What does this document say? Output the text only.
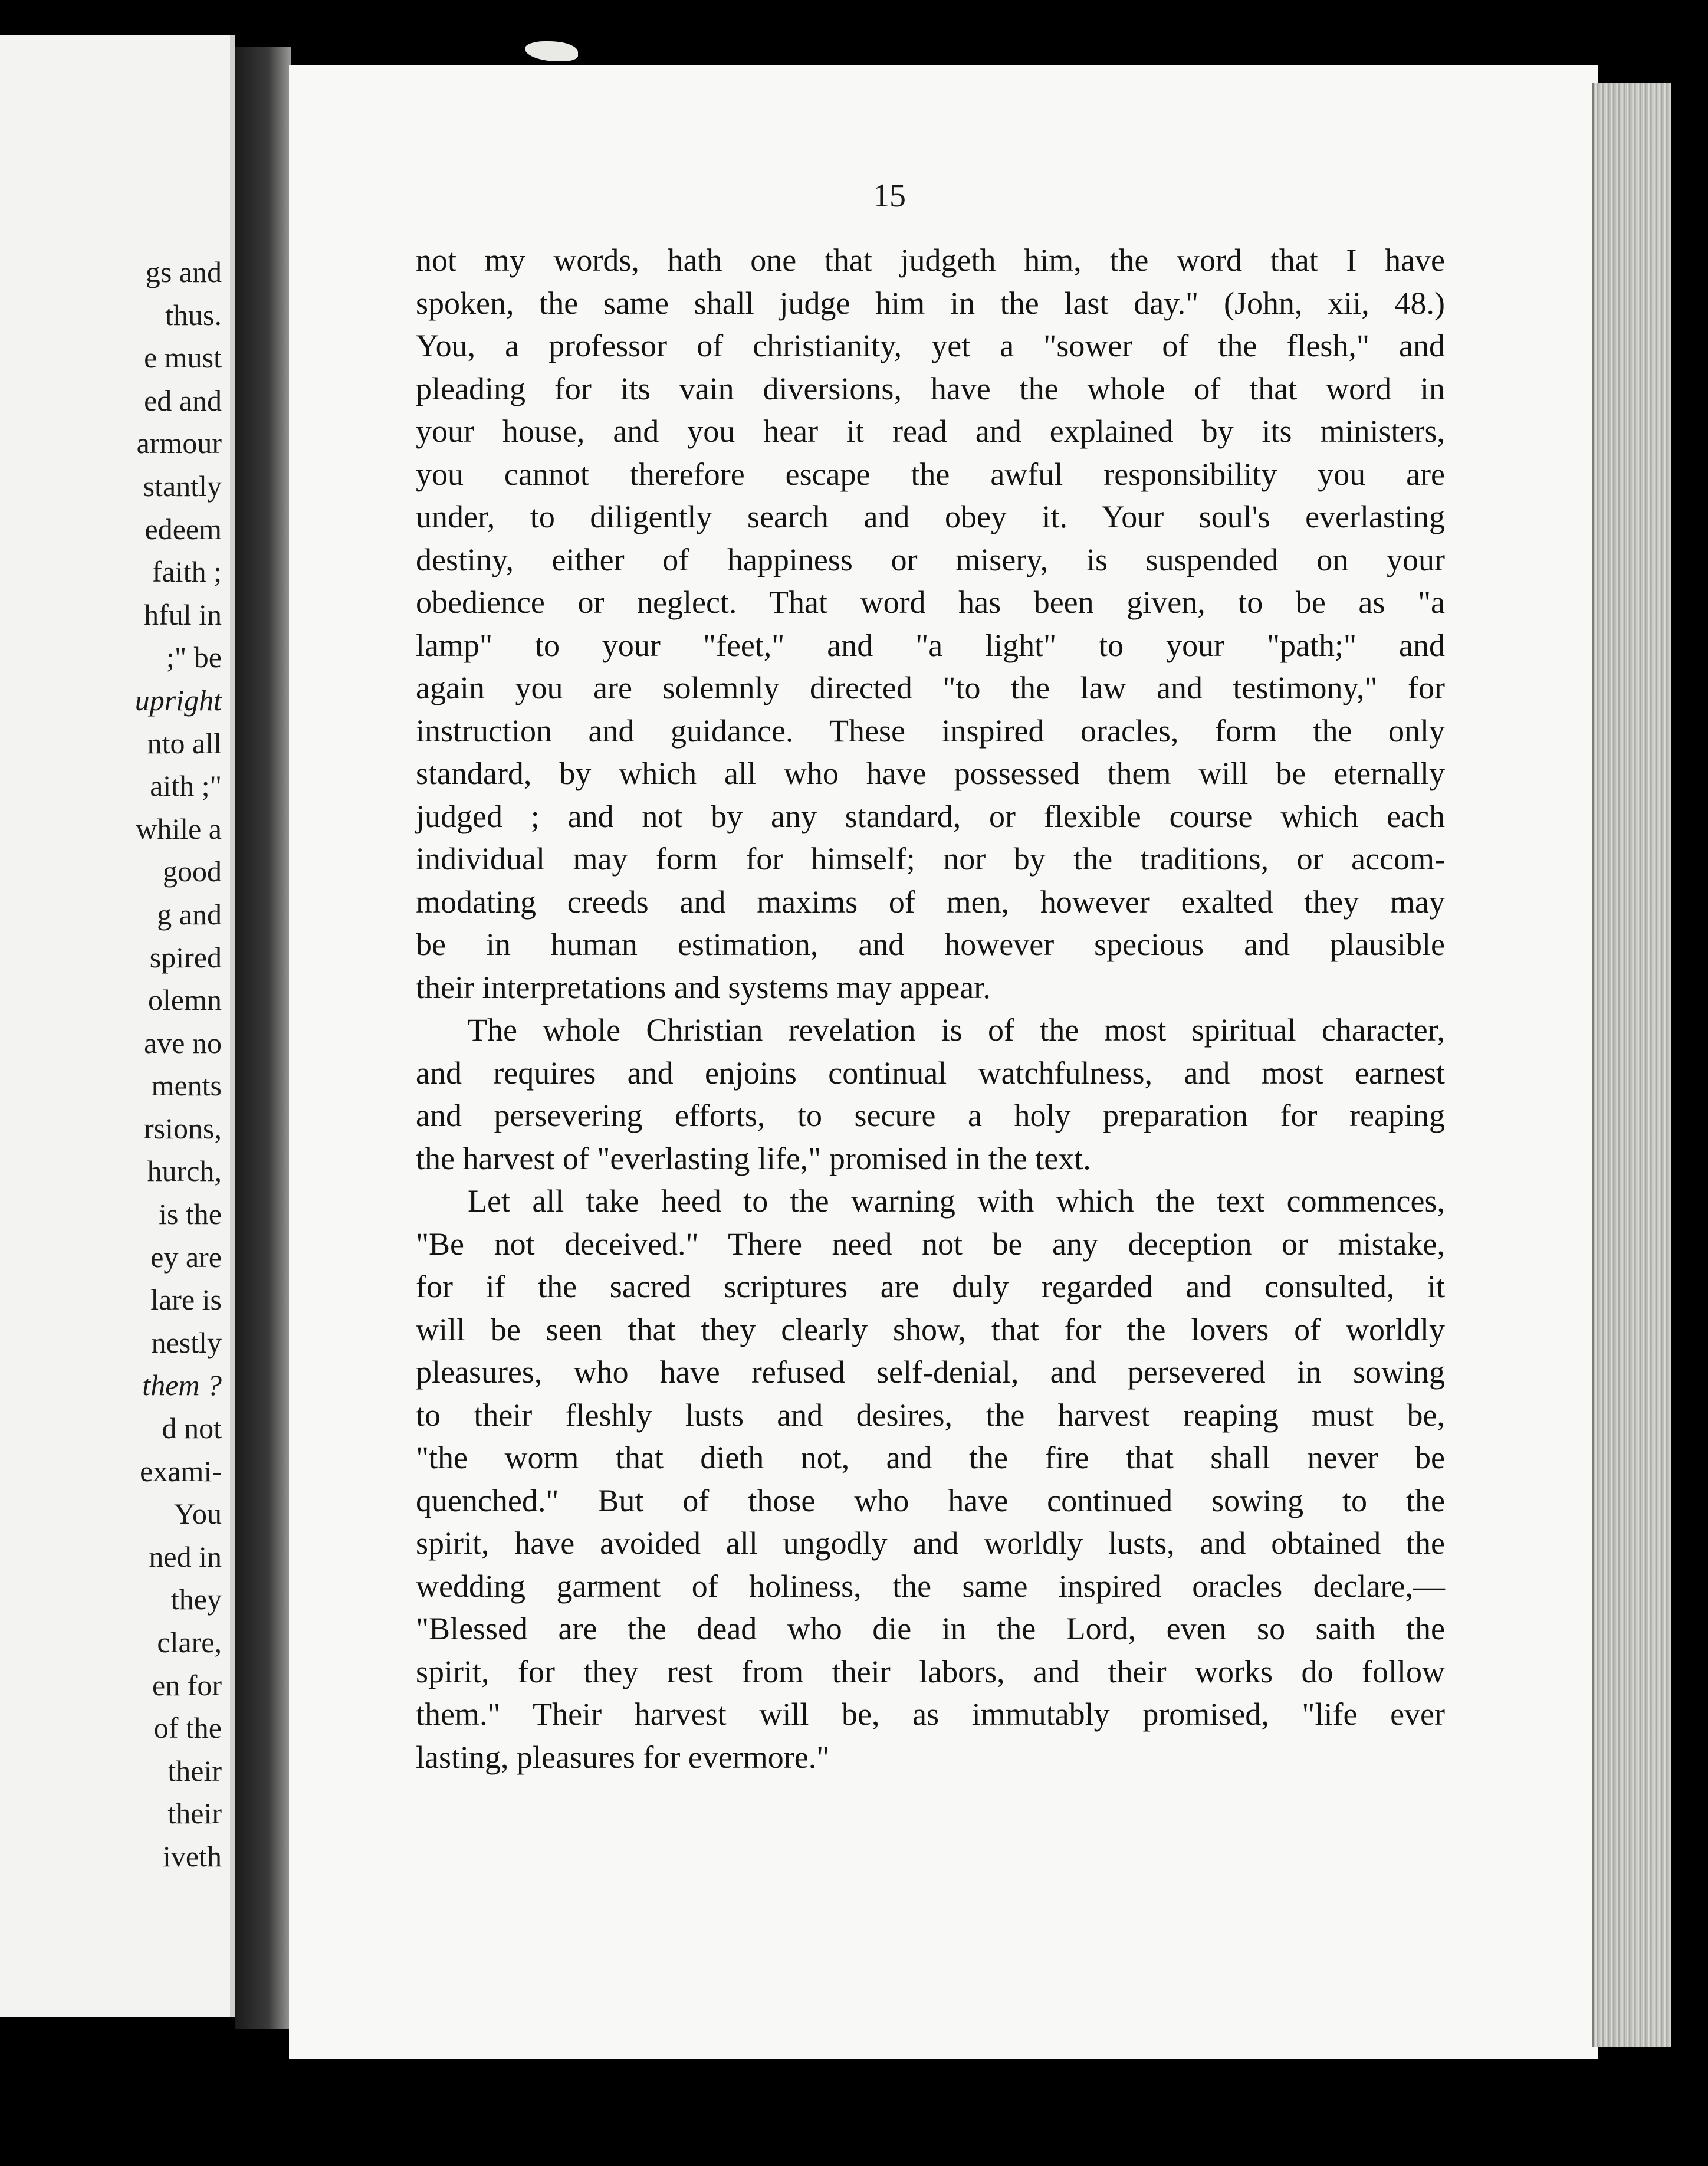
gs and
thus.
e must
ed and
armour
stantly
edeem
faith ;
hful in
;" be
upright
nto all
aith ;"
while a
good
g and
spired
olemn
ave no
ments
rsions,
hurch,
is the
ey are
lare is
nestly
them ?
d not
exami-
You
ned in
they
clare,
en for
of the
their
their
iveth
15
not my words, hath one that judgeth him, the word that I have
spoken, the same shall judge him in the last day." (John, xii, 48.)
You, a professor of christianity, yet a "sower of the flesh," and
pleading for its vain diversions, have the whole of that word in
your house, and you hear it read and explained by its ministers,
you cannot therefore escape the awful responsibility you are
under, to diligently search and obey it. Your soul's everlasting
destiny, either of happiness or misery, is suspended on your
obedience or neglect. That word has been given, to be as "a
lamp" to your "feet," and "a light" to your "path;" and
again you are solemnly directed "to the law and testimony," for
instruction and guidance. These inspired oracles, form the only
standard, by which all who have possessed them will be eternally
judged ; and not by any standard, or flexible course which each
individual may form for himself; nor by the traditions, or accom-
modating creeds and maxims of men, however exalted they may
be in human estimation, and however specious and plausible
their interpretations and systems may appear.
The whole Christian revelation is of the most spiritual character,
and requires and enjoins continual watchfulness, and most earnest
and persevering efforts, to secure a holy preparation for reaping
the harvest of "everlasting life," promised in the text.
Let all take heed to the warning with which the text commences,
"Be not deceived." There need not be any deception or mistake,
for if the sacred scriptures are duly regarded and consulted, it
will be seen that they clearly show, that for the lovers of worldly
pleasures, who have refused self-denial, and persevered in sowing
to their fleshly lusts and desires, the harvest reaping must be,
"the worm that dieth not, and the fire that shall never be
quenched." But of those who have continued sowing to the
spirit, have avoided all ungodly and worldly lusts, and obtained the
wedding garment of holiness, the same inspired oracles declare,—
"Blessed are the dead who die in the Lord, even so saith the
spirit, for they rest from their labors, and their works do follow
them." Their harvest will be, as immutably promised, "life ever
lasting, pleasures for evermore."
